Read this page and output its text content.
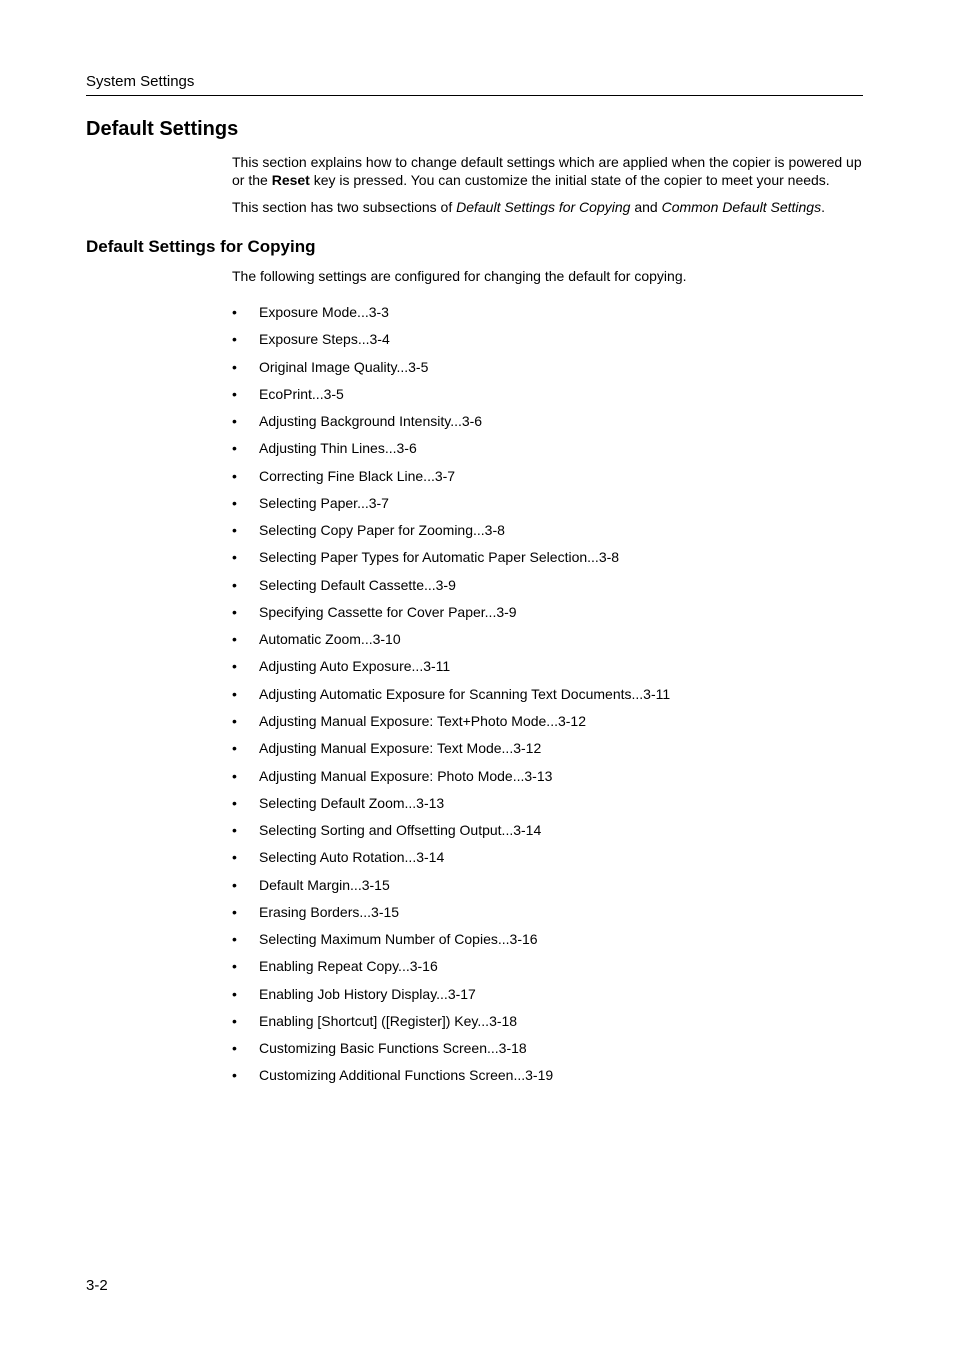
System Settings
Default Settings

This section explains how to change default settings which are applied when the copier is powered up or the Reset key is pressed. You can customize the initial state of the copier to meet your needs.

This section has two subsections of Default Settings for Copying and Common Default Settings.

Default Settings for Copying
The following settings are configured for changing the default for copying.
• Exposure Mode...3-3
• Exposure Steps...3-4
• Original Image Quality...3-5
• EcoPrint...3-5
• Adjusting Background Intensity...3-6
• Adjusting Thin Lines...3-6
• Correcting Fine Black Line...3-7
• Selecting Paper...3-7
• Selecting Copy Paper for Zooming...3-8
• Selecting Paper Types for Automatic Paper Selection...3-8
• Selecting Default Cassette...3-9
• Specifying Cassette for Cover Paper...3-9
• Automatic Zoom...3-10
• Adjusting Auto Exposure...3-11
• Adjusting Automatic Exposure for Scanning Text Documents...3-11
• Adjusting Manual Exposure: Text+Photo Mode...3-12
• Adjusting Manual Exposure: Text Mode...3-12
• Adjusting Manual Exposure: Photo Mode...3-13
• Selecting Default Zoom...3-13
• Selecting Sorting and Offsetting Output...3-14
• Selecting Auto Rotation...3-14
• Default Margin...3-15
• Erasing Borders...3-15
• Selecting Maximum Number of Copies...3-16
• Enabling Repeat Copy...3-16
• Enabling Job History Display...3-17
• Enabling [Shortcut] ([Register]) Key...3-18
• Customizing Basic Functions Screen...3-18
• Customizing Additional Functions Screen...3-19
3-2
